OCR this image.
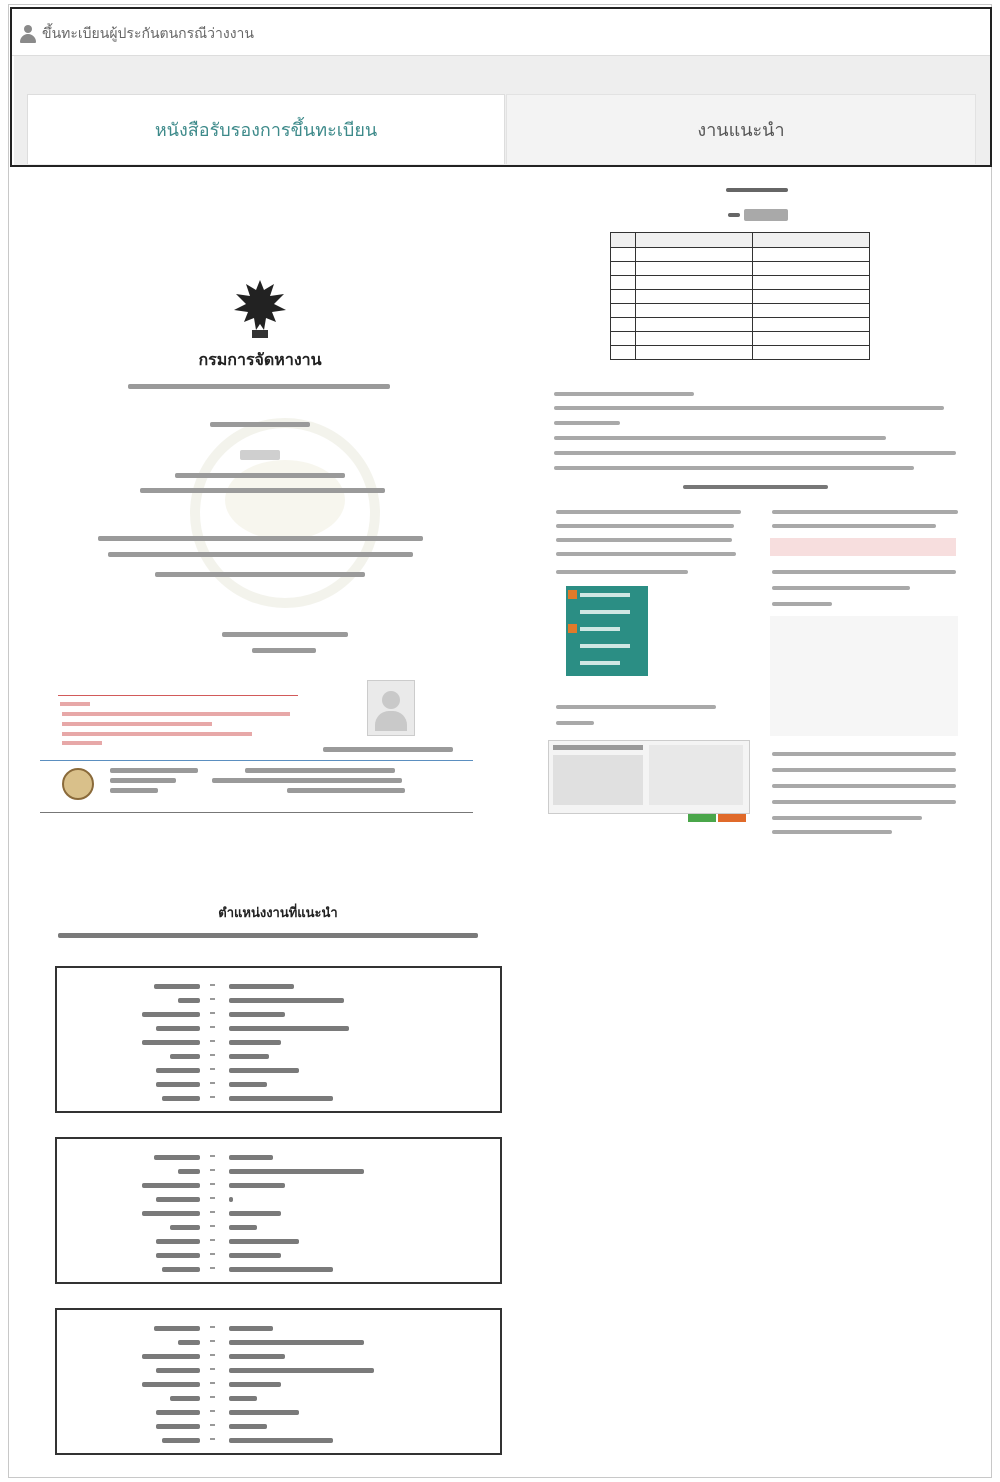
ขึ้นทะเบียนผู้ประกันตนกรณีว่างงาน
หนังสือรับรองการขึ้นทะเบียน	งานแนะนำ
กรมการจัดหางาน

ตำแหน่งงานที่แนะนำ
